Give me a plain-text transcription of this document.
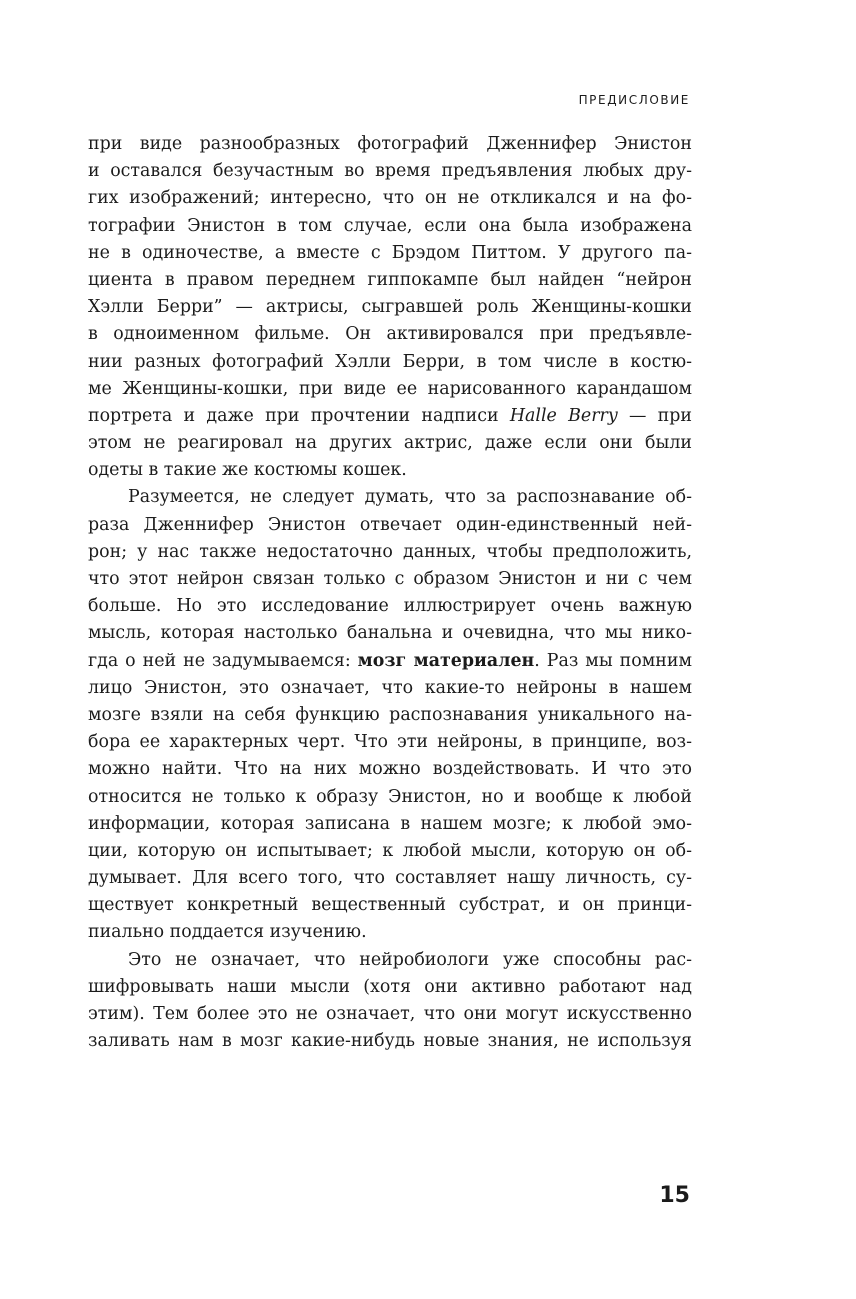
ПРЕДИСЛОВИЕ
при виде разнообразных фотографий Дженнифер Энистон
и оставался безучастным во время предъявления любых дру-
гих изображений; интересно, что он не откликался и на фо-
тографии Энистон в том случае, если она была изображена
не в одиночестве, а вместе с Брэдом Питтом. У другого па-
циента в правом переднем гиппокампе был найден “нейрон
Хэлли Берри” — актрисы, сыгравшей роль Женщины-кошки
в одноименном фильме. Он активировался при предъявле-
нии разных фотографий Хэлли Берри, в том числе в костю-
ме Женщины-кошки, при виде ее нарисованного карандашом
портрета и даже при прочтении надписи Halle Berry — при
этом не реагировал на других актрис, даже если они были
одеты в такие же костюмы кошек.
Разумеется, не следует думать, что за распознавание об-
раза Дженнифер Энистон отвечает один-единственный ней-
рон; у нас также недостаточно данных, чтобы предположить,
что этот нейрон связан только с образом Энистон и ни с чем
больше. Но это исследование иллюстрирует очень важную
мысль, которая настолько банальна и очевидна, что мы нико-
гда о ней не задумываемся: мозг материален. Раз мы помним
лицо Энистон, это означает, что какие-то нейроны в нашем
мозге взяли на себя функцию распознавания уникального на-
бора ее характерных черт. Что эти нейроны, в принципе, воз-
можно найти. Что на них можно воздействовать. И что это
относится не только к образу Энистон, но и вообще к любой
информации, которая записана в нашем мозге; к любой эмо-
ции, которую он испытывает; к любой мысли, которую он об-
думывает. Для всего того, что составляет нашу личность, су-
ществует конкретный вещественный субстрат, и он принци-
пиально поддается изучению.
Это не означает, что нейробиологи уже способны рас-
шифровывать наши мысли (хотя они активно работают над
этим). Тем более это не означает, что они могут искусственно
заливать нам в мозг какие-нибудь новые знания, не используя
15
